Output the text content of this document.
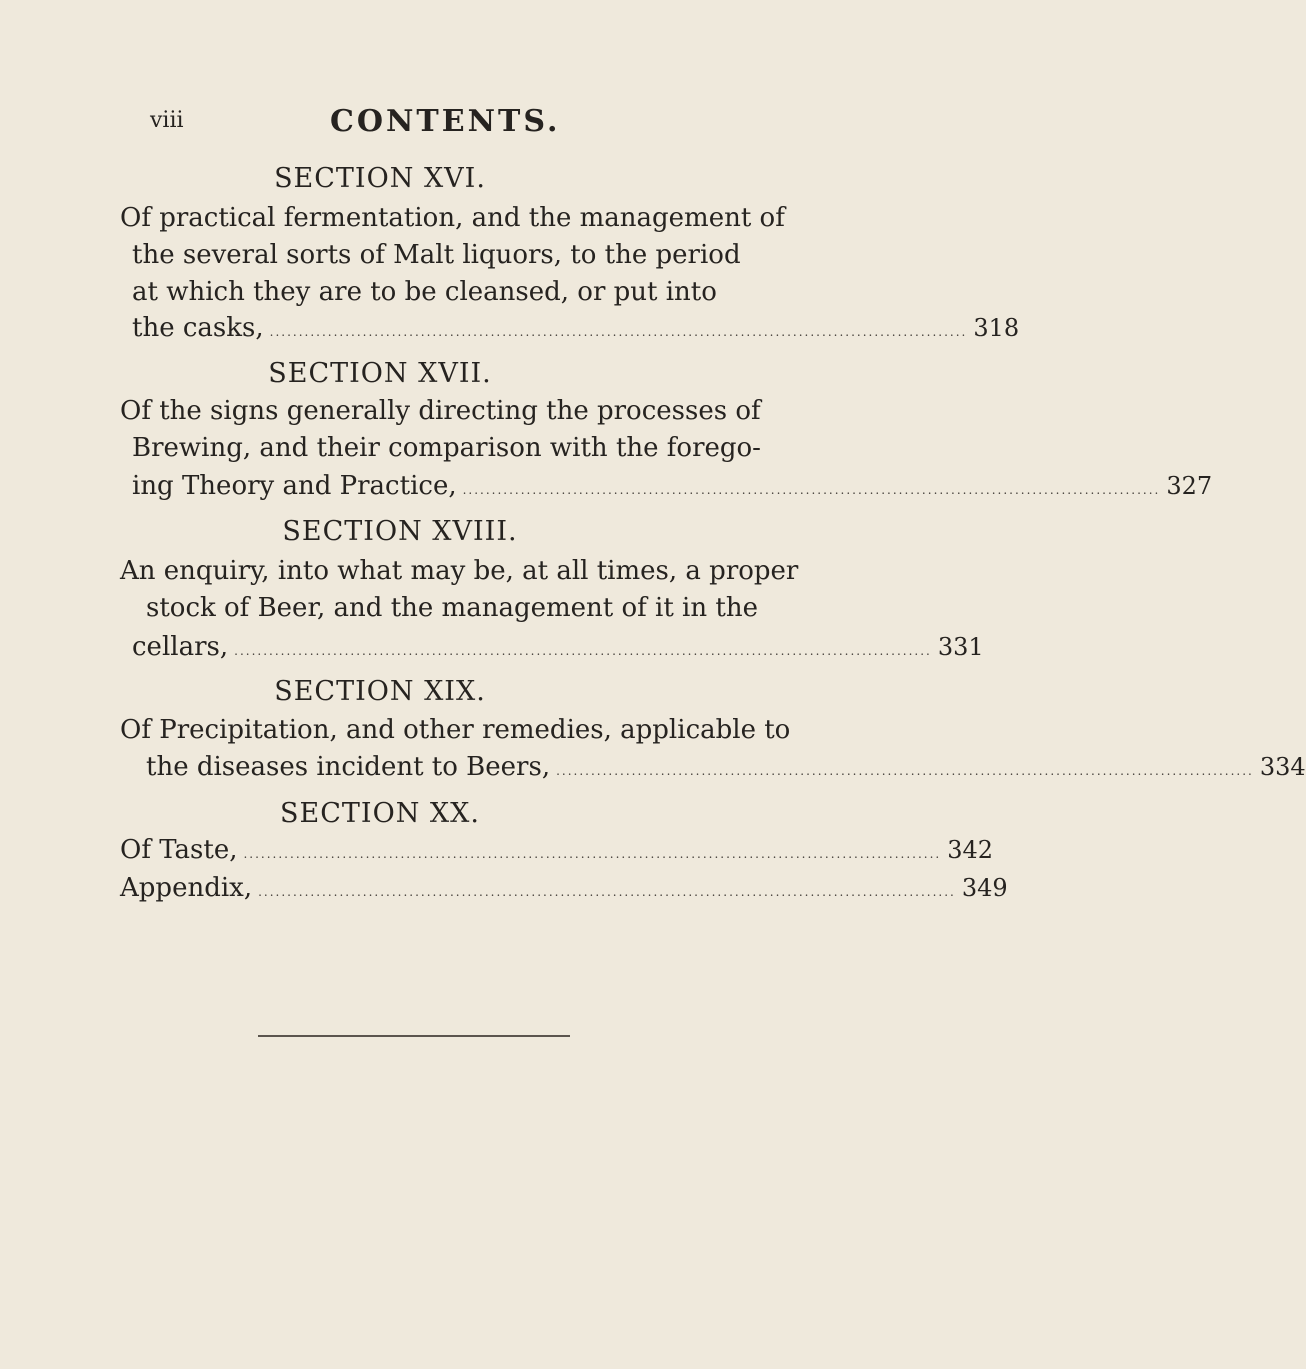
viii	CONTENTS.
SECTION XVI.
Of practical fermentation, and the management of
the several sorts of Malt liquors, to the period
at which they are to be cleansed, or put into
the casks, ........................................................................................................................ 318
SECTION XVII.
Of the signs generally directing the processes of
Brewing, and their comparison with the forego-
ing Theory and Practice, ........................................................................................................................ 327
SECTION XVIII.
An enquiry, into what may be, at all times, a proper
stock of Beer, and the management of it in the
cellars, ........................................................................................................................ 331
SECTION XIX.
Of Precipitation, and other remedies, applicable to
the diseases incident to Beers, ........................................................................................................................ 334
SECTION XX.
Of Taste, ........................................................................................................................ 342
Appendix, ........................................................................................................................ 349
